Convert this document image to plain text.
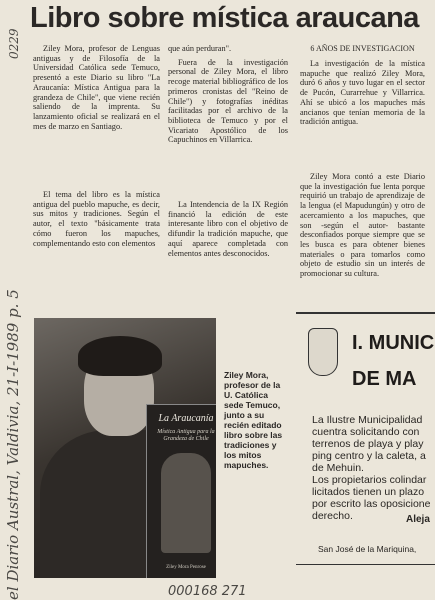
0229
el Diario Austral, Valdivia, 21-I-1989 p. 5
Libro sobre mística araucana

Ziley Mora, profesor de Lenguas antiguas y de Filosofía de la Universidad Católica sede Temuco, presentó a este Diario su libro "La Araucanía: Mística Antigua para la grandeza de Chile", que viene recién saliendo de la imprenta. Su lanzamiento oficial se realizará en el mes de marzo en Santiago.

El tema del libro es la mística antigua del pueblo mapuche, es decir, sus mitos y tradiciones. Según el autor, el texto "básicamente trata cómo fueron los mapuches, complementando esto con elementos

que aún perduran".

Fuera de la investigación personal de Ziley Mora, el libro recoge material bibliográfico de los primeros cronistas del "Reino de Chile") y fotografías inéditas facilitadas por el archivo de la biblioteca de Temuco y por el Vicariato Apostólico de los Capuchinos en Villarrica.

La Intendencia de la IX Región financió la edición de este interesante libro con el objetivo de difundir la tradición mapuche, que aquí aparece completada con elementos antes desconocidos.

6 AÑOS DE INVESTIGACION

La investigación de la mística mapuche que realizó Ziley Mora, duró 6 años y tuvo lugar en el sector de Pucón, Curarrehue y Villarrica. Ahí se ubicó a los mapuches más ancianos que tenían memoria de la tradición antigua.

Ziley Mora contó a este Diario que la investigación fue lenta porque requirió un trabajo de aprendizaje de la lengua (el Mapudungún) y otro de acercamiento a los mapuches, que son -según el autor- bastante desconfiados porque siempre que se les busca es para obtener bienes materiales o para tomarlos como objeto de estudio sin un interés de promocionar su cultura.

La Araucanía
Mística Antigua para la Grandeza de Chile
Ziley Mora Penrose
Ziley Mora, profesor de la U. Católica sede Temuco, junto a su recién editado libro sobre las tradiciones y los mitos mapuches.
I. MUNIC
DE MA
La Ilustre Municipalidad
cuentra solicitando con
terrenos de playa y play
ping centro y la caleta, a
de Mehuin.
Los propietarios colindar
licitados tienen un plazo
por escrito las oposicione
derecho.	Aleja
San José de la Mariquina,
000168 271
